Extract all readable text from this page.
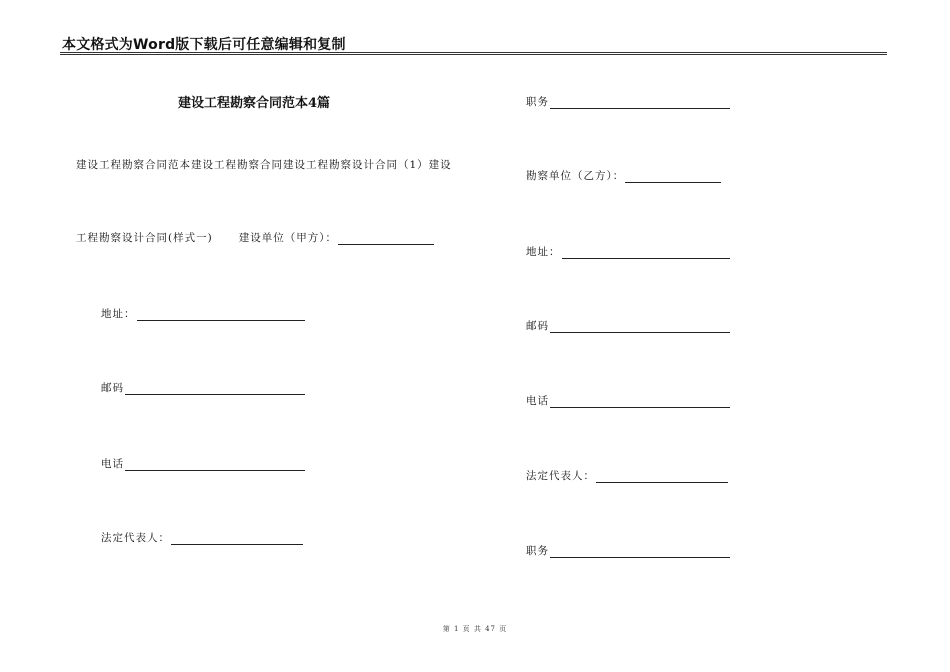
本文格式为Word版下载后可任意编辑和复制
建设工程勘察合同范本4篇
建设工程勘察合同范本建设工程勘察合同建设工程勘察设计合同（1）建设
工程勘察设计合同(样式一) 建设单位（甲方）：
地址：
邮码
电话
法定代表人：
职务
勘察单位（乙方）：
地址：
邮码
电话
法定代表人：
职务
第 1 页 共 47 页
